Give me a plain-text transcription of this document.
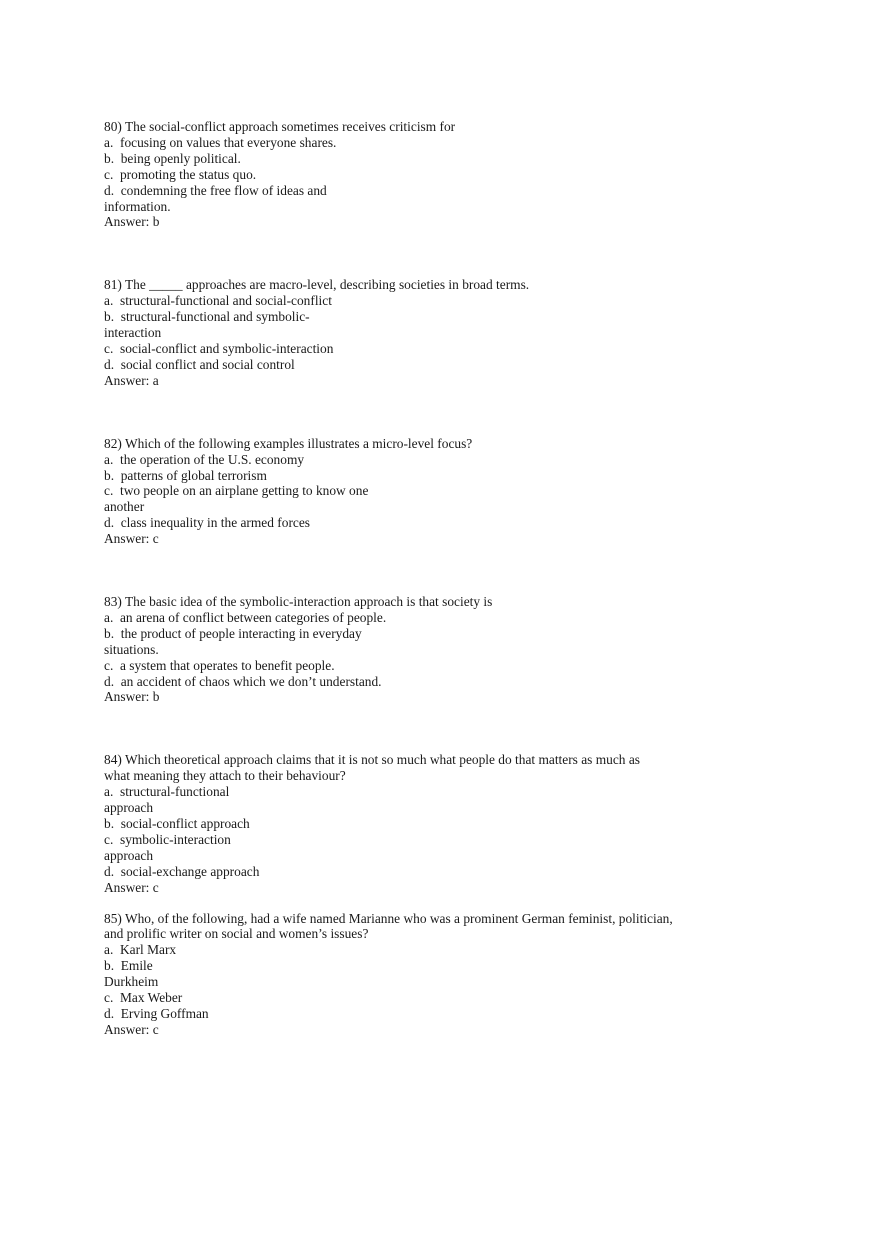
80) The social-conflict approach sometimes receives criticism for
a.  focusing on values that everyone shares.
b.  being openly political.
c.  promoting the status quo.
d.  condemning the free flow of ideas and
information.
Answer: b
81) The _____ approaches are macro-level, describing societies in broad terms.
a.  structural-functional and social-conflict
b.  structural-functional and symbolic-
interaction
c.  social-conflict and symbolic-interaction
d.  social conflict and social control
Answer: a
82) Which of the following examples illustrates a micro-level focus?
a.  the operation of the U.S. economy
b.  patterns of global terrorism
c.  two people on an airplane getting to know one
another
d.  class inequality in the armed forces
Answer: c
83) The basic idea of the symbolic-interaction approach is that society is
a.  an arena of conflict between categories of people.
b.  the product of people interacting in everyday
situations.
c.  a system that operates to benefit people.
d.  an accident of chaos which we don’t understand.
Answer: b
84) Which theoretical approach claims that it is not so much what people do that matters as much as
what meaning they attach to their behaviour?
a.  structural-functional
approach
b.  social-conflict approach
c.  symbolic-interaction
approach
d.  social-exchange approach
Answer: c
85) Who, of the following, had a wife named Marianne who was a prominent German feminist, politician,
and prolific writer on social and women’s issues?
a.  Karl Marx
b.  Emile
Durkheim
c.  Max Weber
d.  Erving Goffman
Answer: c
